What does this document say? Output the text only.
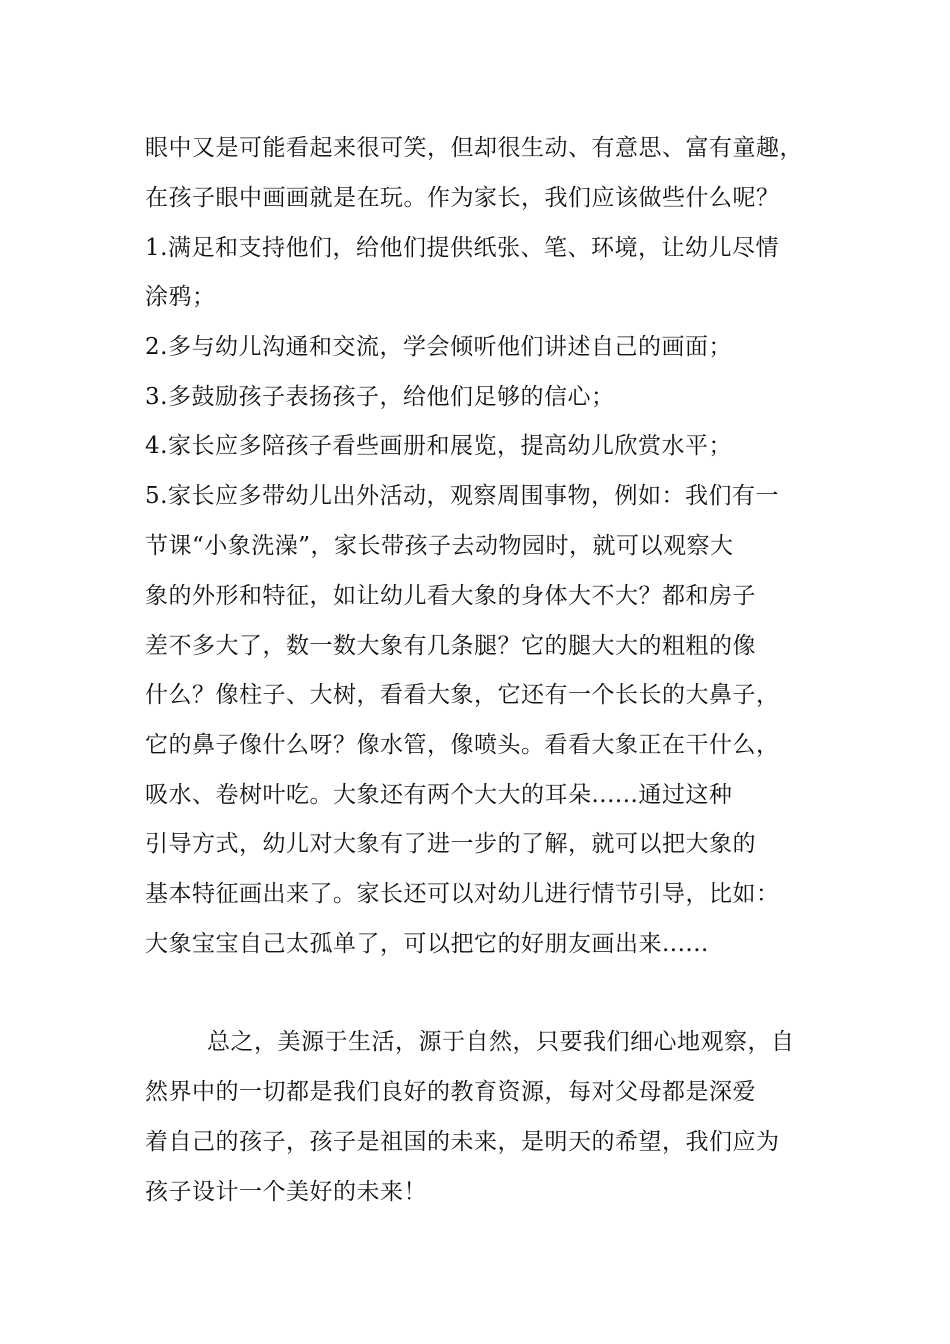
眼中又是可能看起来很可笑，但却很生动、有意思、富有童趣，
在孩子眼中画画就是在玩。作为家长，我们应该做些什么呢？
1.满足和支持他们，给他们提供纸张、笔、环境，让幼儿尽情
涂鸦；
2.多与幼儿沟通和交流，学会倾听他们讲述自己的画面；
3.多鼓励孩子表扬孩子，给他们足够的信心；
4.家长应多陪孩子看些画册和展览，提高幼儿欣赏水平；
5.家长应多带幼儿出外活动，观察周围事物，例如：我们有一
节课“小象洗澡”，家长带孩子去动物园时，就可以观察大
象的外形和特征，如让幼儿看大象的身体大不大？都和房子
差不多大了，数一数大象有几条腿？它的腿大大的粗粗的像
什么？像柱子、大树，看看大象，它还有一个长长的大鼻子，
它的鼻子像什么呀？像水管，像喷头。看看大象正在干什么，
吸水、卷树叶吃。大象还有两个大大的耳朵......通过这种
引导方式，幼儿对大象有了进一步的了解，就可以把大象的
基本特征画出来了。家长还可以对幼儿进行情节引导，比如：
大象宝宝自己太孤单了，可以把它的好朋友画出来......
总之，美源于生活，源于自然，只要我们细心地观察，自
然界中的一切都是我们良好的教育资源，每对父母都是深爱
着自己的孩子，孩子是祖国的未来，是明天的希望，我们应为
孩子设计一个美好的未来！
